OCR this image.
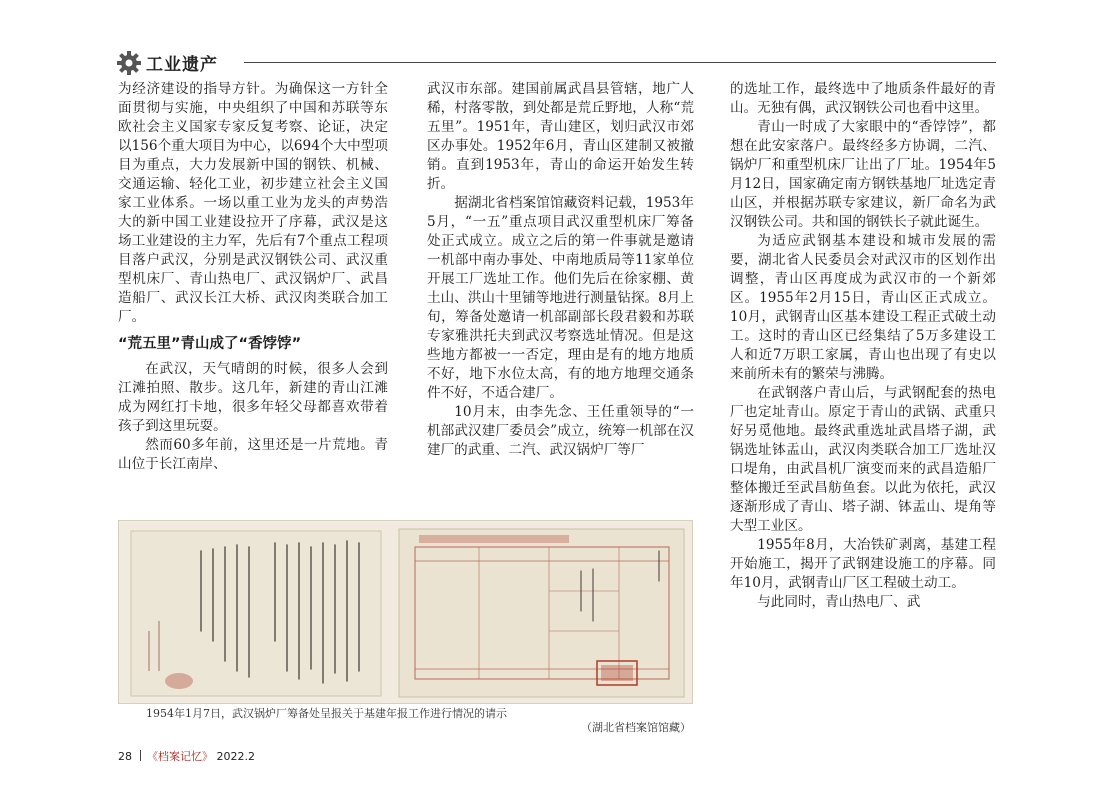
工业遗产

为经济建设的指导方针。为确保这一方针全面贯彻与实施，中央组织了中国和苏联等东欧社会主义国家专家反复考察、论证，决定以156个重大项目为中心，以694个大中型项目为重点，大力发展新中国的钢铁、机械、交通运输、轻化工业，初步建立社会主义国家工业体系。一场以重工业为龙头的声势浩大的新中国工业建设拉开了序幕，武汉是这场工业建设的主力军，先后有7个重点工程项目落户武汉，分别是武汉钢铁公司、武汉重型机床厂、青山热电厂、武汉锅炉厂、武昌造船厂、武汉长江大桥、武汉肉类联合加工厂。

“荒五里”青山成了“香饽饽”

在武汉，天气晴朗的时候，很多人会到江滩拍照、散步。这几年，新建的青山江滩成为网红打卡地，很多年轻父母都喜欢带着孩子到这里玩耍。

然而60多年前，这里还是一片荒地。青山位于长江南岸、

武汉市东部。建国前属武昌县管辖，地广人稀，村落零散，到处都是荒丘野地，人称“荒五里”。1951年，青山建区，划归武汉市郊区办事处。1952年6月，青山区建制又被撤销。直到1953年，青山的命运开始发生转折。

据湖北省档案馆馆藏资料记载，1953年5月，“一五”重点项目武汉重型机床厂筹备处正式成立。成立之后的第一件事就是邀请一机部中南办事处、中南地质局等11家单位开展工厂选址工作。他们先后在徐家棚、黄土山、洪山十里铺等地进行测量钻探。8月上旬，筹备处邀请一机部副部长段君毅和苏联专家雅洪托夫到武汉考察选址情况。但是这些地方都被一一否定，理由是有的地方地质不好，地下水位太高，有的地方地理交通条件不好，不适合建厂。

10月末，由李先念、王任重领导的“一机部武汉建厂委员会”成立，统筹一机部在汉建厂的武重、二汽、武汉锅炉厂等厂

的选址工作，最终选中了地质条件最好的青山。无独有偶，武汉钢铁公司也看中这里。

青山一时成了大家眼中的“香饽饽”，都想在此安家落户。最终经多方协调，二汽、锅炉厂和重型机床厂让出了厂址。1954年5月12日，国家确定南方钢铁基地厂址选定青山区，并根据苏联专家建议，新厂命名为武汉钢铁公司。共和国的钢铁长子就此诞生。

为适应武钢基本建设和城市发展的需要，湖北省人民委员会对武汉市的区划作出调整，青山区再度成为武汉市的一个新郊区。1955年2月15日，青山区正式成立。10月，武钢青山区基本建设工程正式破土动工。这时的青山区已经集结了5万多建设工人和近7万职工家属，青山也出现了有史以来前所未有的繁荣与沸腾。

在武钢落户青山后，与武钢配套的热电厂也定址青山。原定于青山的武锅、武重只好另觅他地。最终武重选址武昌塔子湖，武锅选址钵盂山，武汉肉类联合加工厂选址汉口堤角，由武昌机厂演变而来的武昌造船厂整体搬迁至武昌舫鱼套。以此为依托，武汉逐渐形成了青山、塔子湖、钵盂山、堤角等大型工业区。

1955年8月，大冶铁矿剥离，基建工程开始施工，揭开了武钢建设施工的序幕。同年10月，武钢青山厂区工程破土动工。

与此同时，青山热电厂、武

1954年1月7日，武汉锅炉厂筹备处呈报关于基建年报工作进行情况的请示
（湖北省档案馆馆藏）
28 《档案记忆》 2022.2
